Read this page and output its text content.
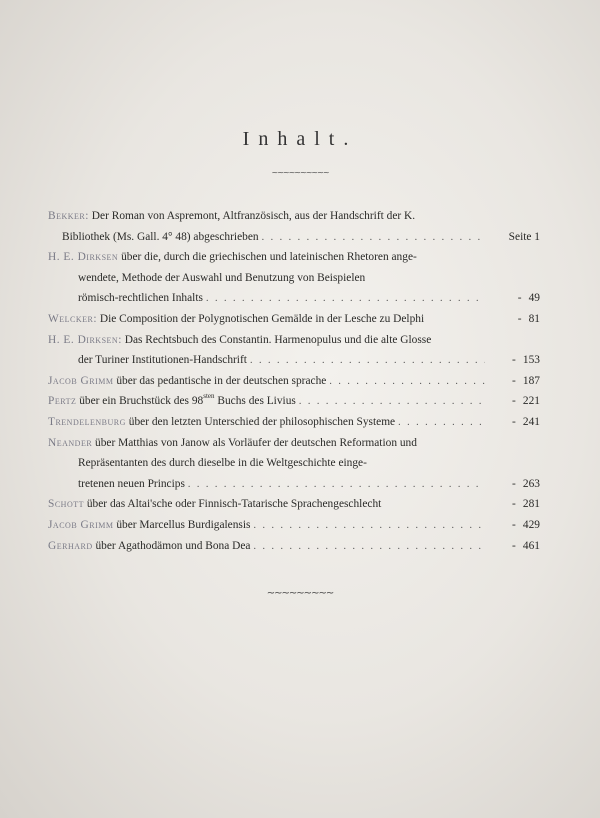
Inhalt.
~~~~~~~~~~
Bekker:
Der Roman von Aspremont, Altfranzösisch, aus der Handschrift der K.
Bibliothek (Ms. Gall. 4° 48) abgeschrieben . . .	Seite 1
H. E. Dirksen
über die, durch die griechischen und lateinischen Rhetoren ange-
wendete, Methode der Auswahl und Benutzung von Beispielen
römisch-rechtlichen Inhalts . . .	- 49
Welcker:
Die Composition der Polygnotischen Gemälde in der Lesche zu Delphi	- 81
H. E. Dirksen:
Das Rechtsbuch des Constantin. Harmenopulus und die alte Glosse
der Turiner Institutionen-Handschrift . . .	- 153
Jacob Grimm
über das pedantische in der deutschen sprache . . .	- 187
Pertz
über ein Bruchstück des $98^{sten}$ Buchs des Livius . . .	- 221
Trendelenburg
über den letzten Unterschied der philosophischen Systeme . . .	- 241
Neander
über Matthias von Janow als Vorläufer der deutschen Reformation und
Repräsentanten des durch dieselbe in die Weltgeschichte einge-
tretenen neuen Princips . . .	- 263
Schott
über das Altai'sche oder Finnisch-Tatarische Sprachengeschlecht	- 281
Jacob Grimm
über Marcellus Burdigalensis . . .	- 429
Gerhard
über Agathodämon und Bona Dea . . .	- 461
~~~~~~~~~
